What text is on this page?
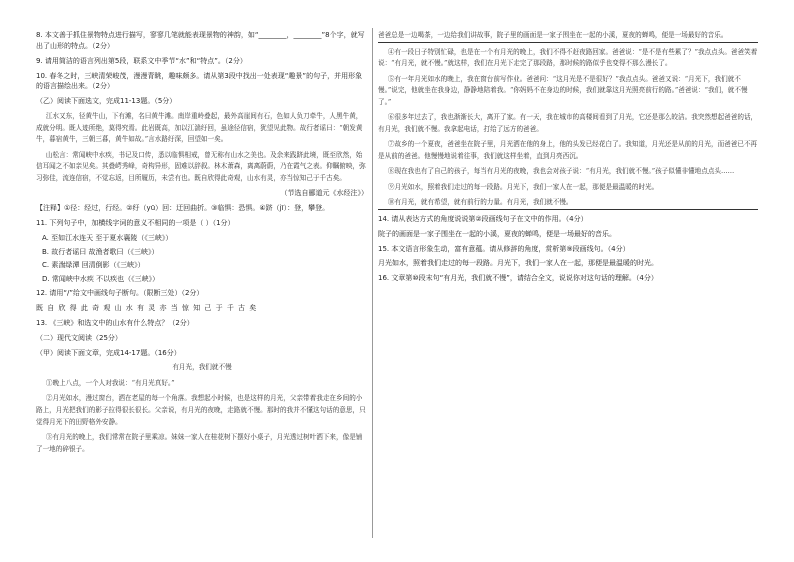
8. 本文善于抓住景物特点进行描写，寥寥几笔就能表现景物的神韵，如“________，________”8个字，就写出了山形的特点。（2分）

9. 请用简洁的语言列出第5段，联系文中季节“水”和“特点”。（2分）

10. 春冬之时，三峡清荣峻茂，漫漫青眺，趣味颇多。请从第3段中找出一处表现“趣景”的句子，并用形象的语言描绘出来。（2分）

（乙）阅读下面选文，完成11-13题。（5分）

江水又东，径黄牛山，下有滩，名曰黄牛滩。南岸重岭叠起，最外高崖间有石，色如人负刀牵牛，人黑牛黄，成就分明。既人迹所绝，莫得究焉。此岩既高，加以江湍纡回，虽途径信宿，犹望见此物。故行者谣曰：“朝发黄牛，暮宿黄牛，三朝三暮，黄牛如故。”言水路纡深，回望如一矣。

山松言：常闻峡中水疾，书记及口传，悉以临惧相戒，曾无称有山水之美也。及余来践跻此境，既至欣然，始信耳闻之不如亲见矣。其叠崿秀峰，奇构异形，固难以辞叙。林木萧森，离离蔚蔚，乃在霞气之表。仰瞩俯映，弥习弥佳，流连信宿，不觉忘返，目所履历，未尝有也。既自欣得此奇观，山水有灵，亦当惊知己于千古矣。

（节选自郦道元《水经注》）

【注释】①径：经过，行经。②纡（yū）回：迂回曲折。③临惧：恐惧。④跻（jī）：登，攀登。

11. 下列句子中，加横线字词的意义不相同的一项是（ ）（1分）

A. 至如江水连天 至于夏水襄陵（《三峡》）

B. 故行者谣曰 故渔者歌曰（《三峡》）

C. 素湍绿潭 回清倒影（《三峡》）

D. 常闻峡中水疾 不以疾也（《三峡》）

12. 请用“/”给文中画线句子断句。（限断三处）（2分）

既 自 欣 得 此 奇 观 山 水 有 灵 亦 当 惊 知 己 于 千 古 矣

13. 《三峡》和选文中的山水有什么特点？（2分）

（二）现代文阅读（25分）

（甲）阅读下面文章，完成14-17题。（16分）

有月光，我们就不慢

①晚上八点，一个人对我说：“有月光真好。”

②月光如水，漫过窗台，洒在老屋的每一个角落。我想起小时候，也是这样的月光，父亲带着我走在乡间的小路上，月光把我们的影子拉得很长很长。父亲说，有月光的夜晚，走路就不慢。那时的我并不懂这句话的意思，只觉得月光下的田野格外安静。

③有月光的晚上，我们常常在院子里乘凉。妹妹一家人在桂花树下摆好小桌子，月光透过树叶洒下来，像是铺了一地的碎银子。

爸爸总是一边喝茶，一边给我们讲故事，院子里的画面是一家子围坐在一起的小溪，夏夜的蝉鸣，便是一场最好的音乐。

④有一段日子特别忙碌，也是在一个有月光的晚上，我们不得不赶夜路回家。爸爸说：“是不是有些累了？”我点点头。爸爸笑着说：“有月光，就不慢。”就这样，我们在月光下走完了那段路，那时候的路似乎也变得不那么漫长了。

⑤有一年月光如水的晚上，我在窗台前写作业。爸爸问：“这月光是不是很好？”我点点头。爸爸又说：“月光下，我们就不慢。”说完，他就坐在我身边，静静地陪着我。“你妈妈不在身边的时候，我们就靠这月光照亮前行的路。”爸爸说：“我们，就不慢了。”

⑥很多年过去了，我也渐渐长大，离开了家。有一天，我在城市的高楼间看到了月光，它还是那么皎洁。我突然想起爸爸的话，有月光，我们就不慢。我拿起电话，打给了远方的爸爸。

⑦故乡的一个夏夜，爸爸坐在院子里，月光洒在他的身上，他的头发已经花白了。我知道，月光还是从前的月光，而爸爸已不再是从前的爸爸。他慢慢地说着往事，我们就这样坐着，直到月亮西沉。

⑧现在我也有了自己的孩子，每当有月光的夜晚，我也会对孩子说：“有月光，我们就不慢。”孩子似懂非懂地点点头……

⑨月光如水，照着我们走过的每一段路。月光下，我们一家人在一起，那便是最温暖的时光。

⑩有月光，就有希望，就有前行的力量。有月光，我们就不慢。

14. 请从表达方式的角度说说第②段画线句子在文中的作用。（4分）

院子的画面是一家子围坐在一起的小溪，夏夜的蝉鸣，便是一场最好的音乐。

15. 本文语言形象生动，富有意蕴。请从修辞的角度，赏析第⑨段画线句。（4分）

月光如水，照着我们走过的每一段路。月光下，我们一家人在一起，那便是最温暖的时光。

16. 文章第⑩段末句“有月光，我们就不慢”，请结合全文，说说你对这句话的理解。（4分）
